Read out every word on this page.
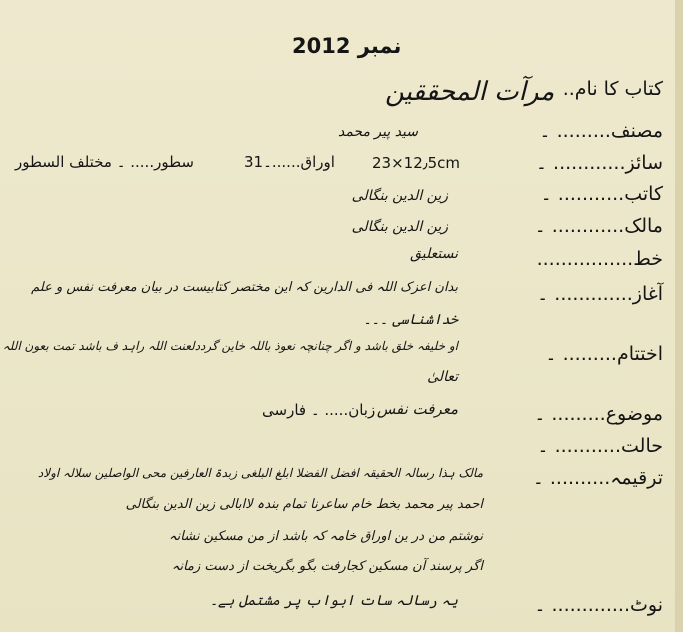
نمبر 2012
مرآت المحققین
کتاب کا نام.. ۔
مصنف......... ۔
سائز............ ۔
کاتب........... ۔
مالک............ ۔
خط................
آغاز............. ۔
اختتام......... ۔
موضوع......... ۔
حالت........... ۔
ترقیمہ.......... ۔
نوٹ............. ۔
سید پیر محمد
23×12٫5cm
اوراق......۔31
سطور..... ۔ مختلف السطور
زین الدین بنگالی
زین الدین بنگالی
نستعلیق
بدان اعزک اللہ فی الدارین کہ این مختصر کتابیست در بیان معرفت نفس و علم
خداشناسی ۔۔۔
او خلیفہ خلق باشد و اگر چنانچہ نعوذ باللہ خاین گرددلعنت اللہ راہد ف باشد تمت بعون اللہ
تعالیٰ
معرفت نفس
زبان..... ۔ فارسی
مالک ہذا رسالہ الحقیقہ افضل الفضلا ابلغ البلغی زبدۃ العارفین محی الواصلین سلالہ اولاد
احمد پیر محمد بخط خام ساعرنا تمام بندہ لاابالی زین الدین بنگالی
نوشتم من در ین اوراق خامہ کہ باشد از من مسکین نشانہ
اگر پرسند آن مسکین کجارفت بگو بگریخت از دست زمانہ
یہ رسالہ سات ابواب پر مشتمل ہے۔
